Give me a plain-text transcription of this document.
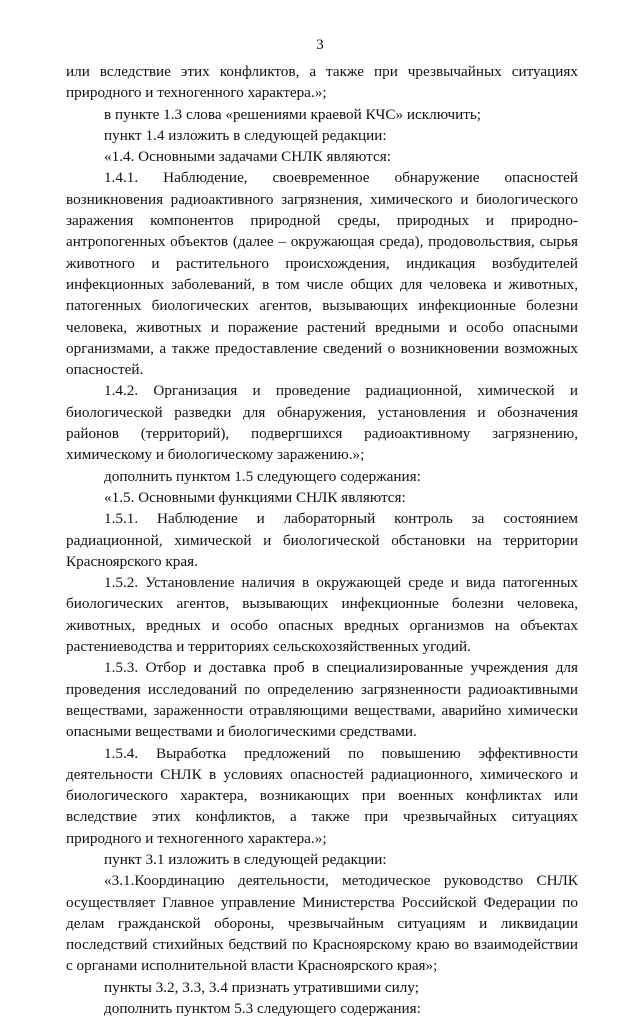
3

или вследствие этих конфликтов, а также при чрезвычайных ситуациях природного и техногенного характера.»;

в пункте 1.3 слова «решениями краевой КЧС» исключить;

пункт 1.4 изложить в следующей редакции:

«1.4. Основными задачами СНЛК являются:

1.4.1. Наблюдение, своевременное обнаружение опасностей возникновения радиоактивного загрязнения, химического и биологического заражения компонентов природной среды, природных и природно-антропогенных объектов (далее – окружающая среда), продовольствия, сырья животного и растительного происхождения, индикация возбудителей инфекционных заболеваний, в том числе общих для человека и животных, патогенных биологических агентов, вызывающих инфекционные болезни человека, животных и поражение растений вредными и особо опасными организмами, а также предоставление сведений о возникновении возможных опасностей.

1.4.2. Организация и проведение радиационной, химической и биологической разведки для обнаружения, установления и обозначения районов (территорий), подвергшихся радиоактивному загрязнению, химическому и биологическому заражению.»;

дополнить пунктом 1.5 следующего содержания:

«1.5. Основными функциями СНЛК являются:

1.5.1. Наблюдение и лабораторный контроль за состоянием радиационной, химической и биологической обстановки на территории Красноярского края.

1.5.2. Установление наличия в окружающей среде и вида патогенных биологических агентов, вызывающих инфекционные болезни человека, животных, вредных и особо опасных вредных организмов на объектах растениеводства и территориях сельскохозяйственных угодий.

1.5.3. Отбор и доставка проб в специализированные учреждения для проведения исследований по определению загрязненности радиоактивными веществами, зараженности отравляющими веществами, аварийно химически опасными веществами и биологическими средствами.

1.5.4. Выработка предложений по повышению эффективности деятельности СНЛК в условиях опасностей радиационного, химического и биологического характера, возникающих при военных конфликтах или вследствие этих конфликтов, а также при чрезвычайных ситуациях природного и техногенного характера.»;

пункт 3.1 изложить в следующей редакции:

«3.1.Координацию деятельности, методическое руководство СНЛК осуществляет Главное управление Министерства Российской Федерации по делам гражданской обороны, чрезвычайным ситуациям и ликвидации последствий стихийных бедствий по Красноярскому краю во взаимодействии с органами исполнительной власти Красноярского края»;

пункты 3.2, 3.3, 3.4 признать утратившими силу;

дополнить пунктом 5.3 следующего содержания:
